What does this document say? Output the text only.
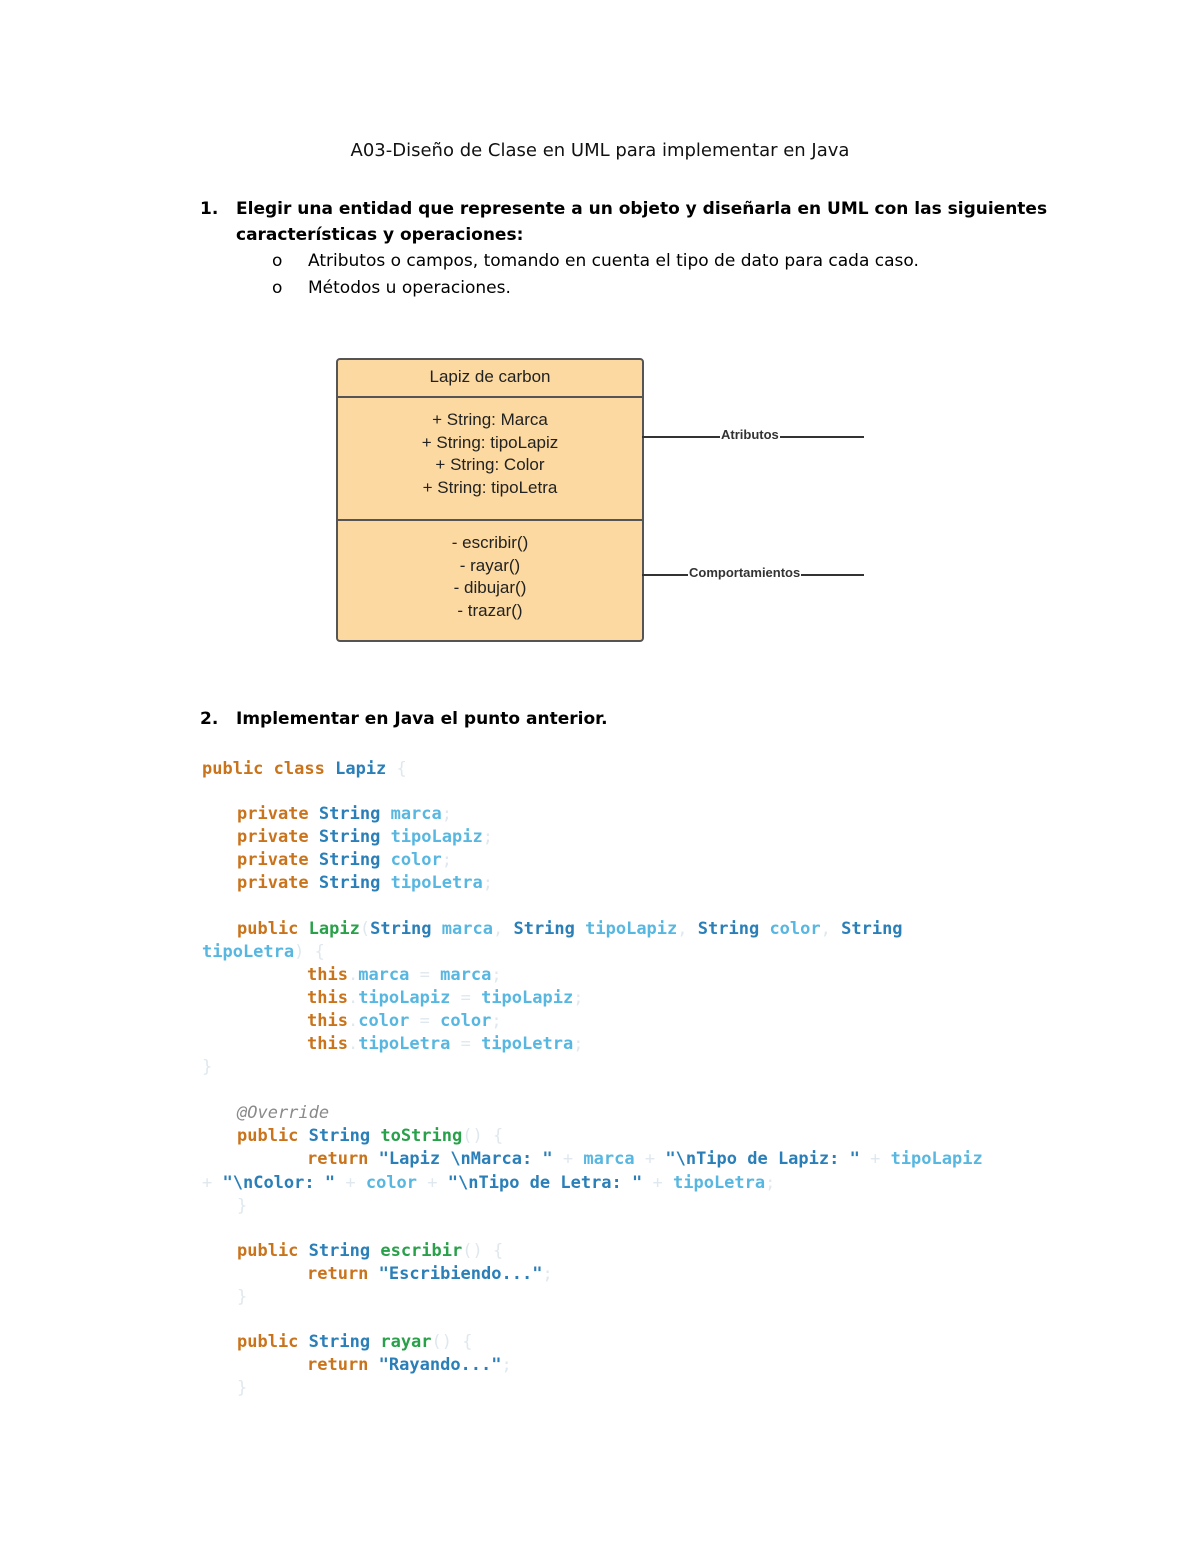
A03-Diseño de Clase en UML para implementar en Java
1. Elegir una entidad que represente a un objeto y diseñarla en UML con las siguientes
características y operaciones:
o Atributos o campos, tomando en cuenta el tipo de dato para cada caso.
o Métodos u operaciones.
Lapiz de carbon
+ String: Marca
+ String: tipoLapiz
+ String: Color
+ String: tipoLetra
- escribir()
- rayar()
- dibujar()
- trazar()
Atributos
Comportamientos
2. Implementar en Java el punto anterior.
public class Lapiz {
private String marca;
private String tipoLapiz;
private String color;
private String tipoLetra;
public Lapiz(String marca, String tipoLapiz, String color, String
tipoLetra) {
this.marca = marca;
this.tipoLapiz = tipoLapiz;
this.color = color;
this.tipoLetra = tipoLetra;
}
@Override
public String toString() {
return "Lapiz \nMarca: " + marca + "\nTipo de Lapiz: " + tipoLapiz
+ "\nColor: " + color + "\nTipo de Letra: " + tipoLetra;
}
public String escribir() {
return "Escribiendo...";
}
public String rayar() {
return "Rayando...";
}
